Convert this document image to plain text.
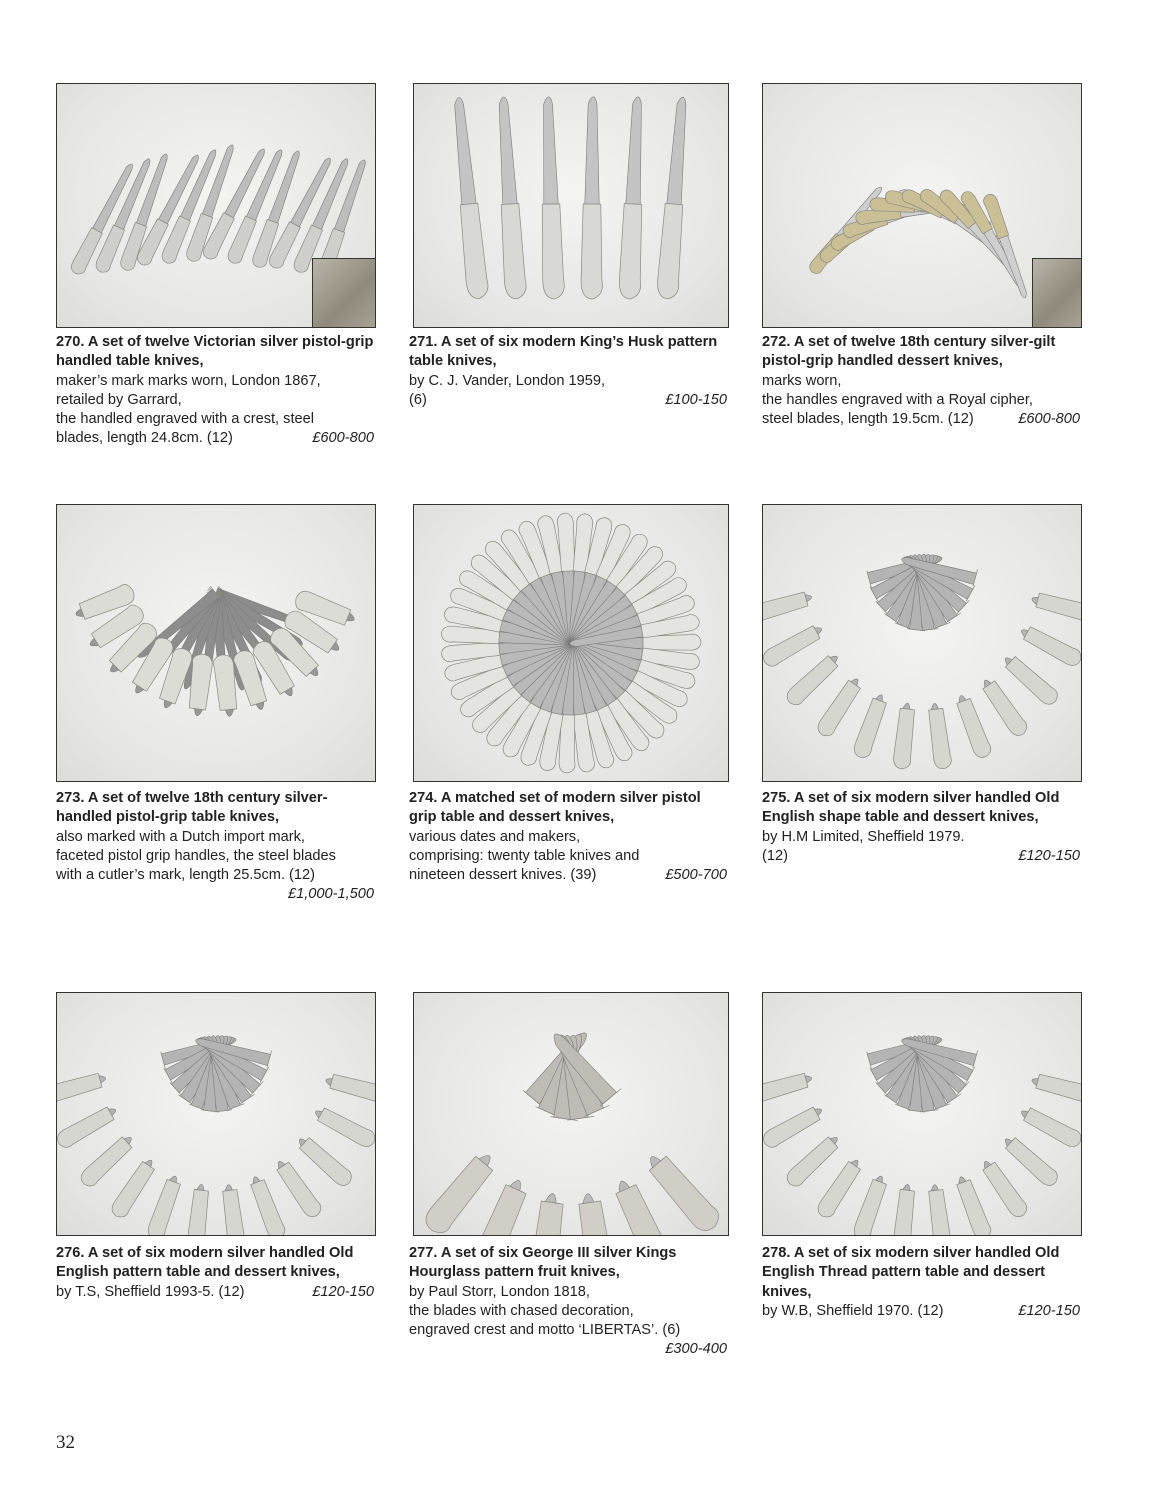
270. A set of twelve Victorian silver pistol-grip handled table knives,
maker’s mark marks worn, London 1867,
retailed by Garrard,
the handled engraved with a crest, steel
blades, length 24.8cm. (12)	£600-800
271. A set of six modern King’s Husk pattern table knives,
by C. J. Vander, London 1959,
(6)	£100-150
272. A set of twelve 18th century silver-gilt pistol-grip handled dessert knives,
marks worn,
the handles engraved with a Royal cipher,
steel blades, length 19.5cm. (12)	£600-800
273. A set of twelve 18th century silver-handled pistol-grip table knives,
also marked with a Dutch import mark,
faceted pistol grip handles, the steel blades
with a cutler’s mark, length 25.5cm. (12)
£1,000-1,500
274. A matched set of modern silver pistol grip table and dessert knives,
various dates and makers,
comprising: twenty table knives and
nineteen dessert knives. (39)	£500-700
275. A set of six modern silver handled Old English shape table and dessert knives,
by H.M Limited, Sheffield 1979.
(12)	£120-150
276. A set of six modern silver handled Old English pattern table and dessert knives,
by T.S, Sheffield 1993-5. (12)	£120-150
277. A set of six George III silver Kings Hourglass pattern fruit knives,
by Paul Storr, London 1818,
the blades with chased decoration,
engraved crest and motto ‘LIBERTAS’. (6)
£300-400
278. A set of six modern silver handled Old English Thread pattern table and dessert knives,
by W.B, Sheffield 1970. (12)	£120-150
32
